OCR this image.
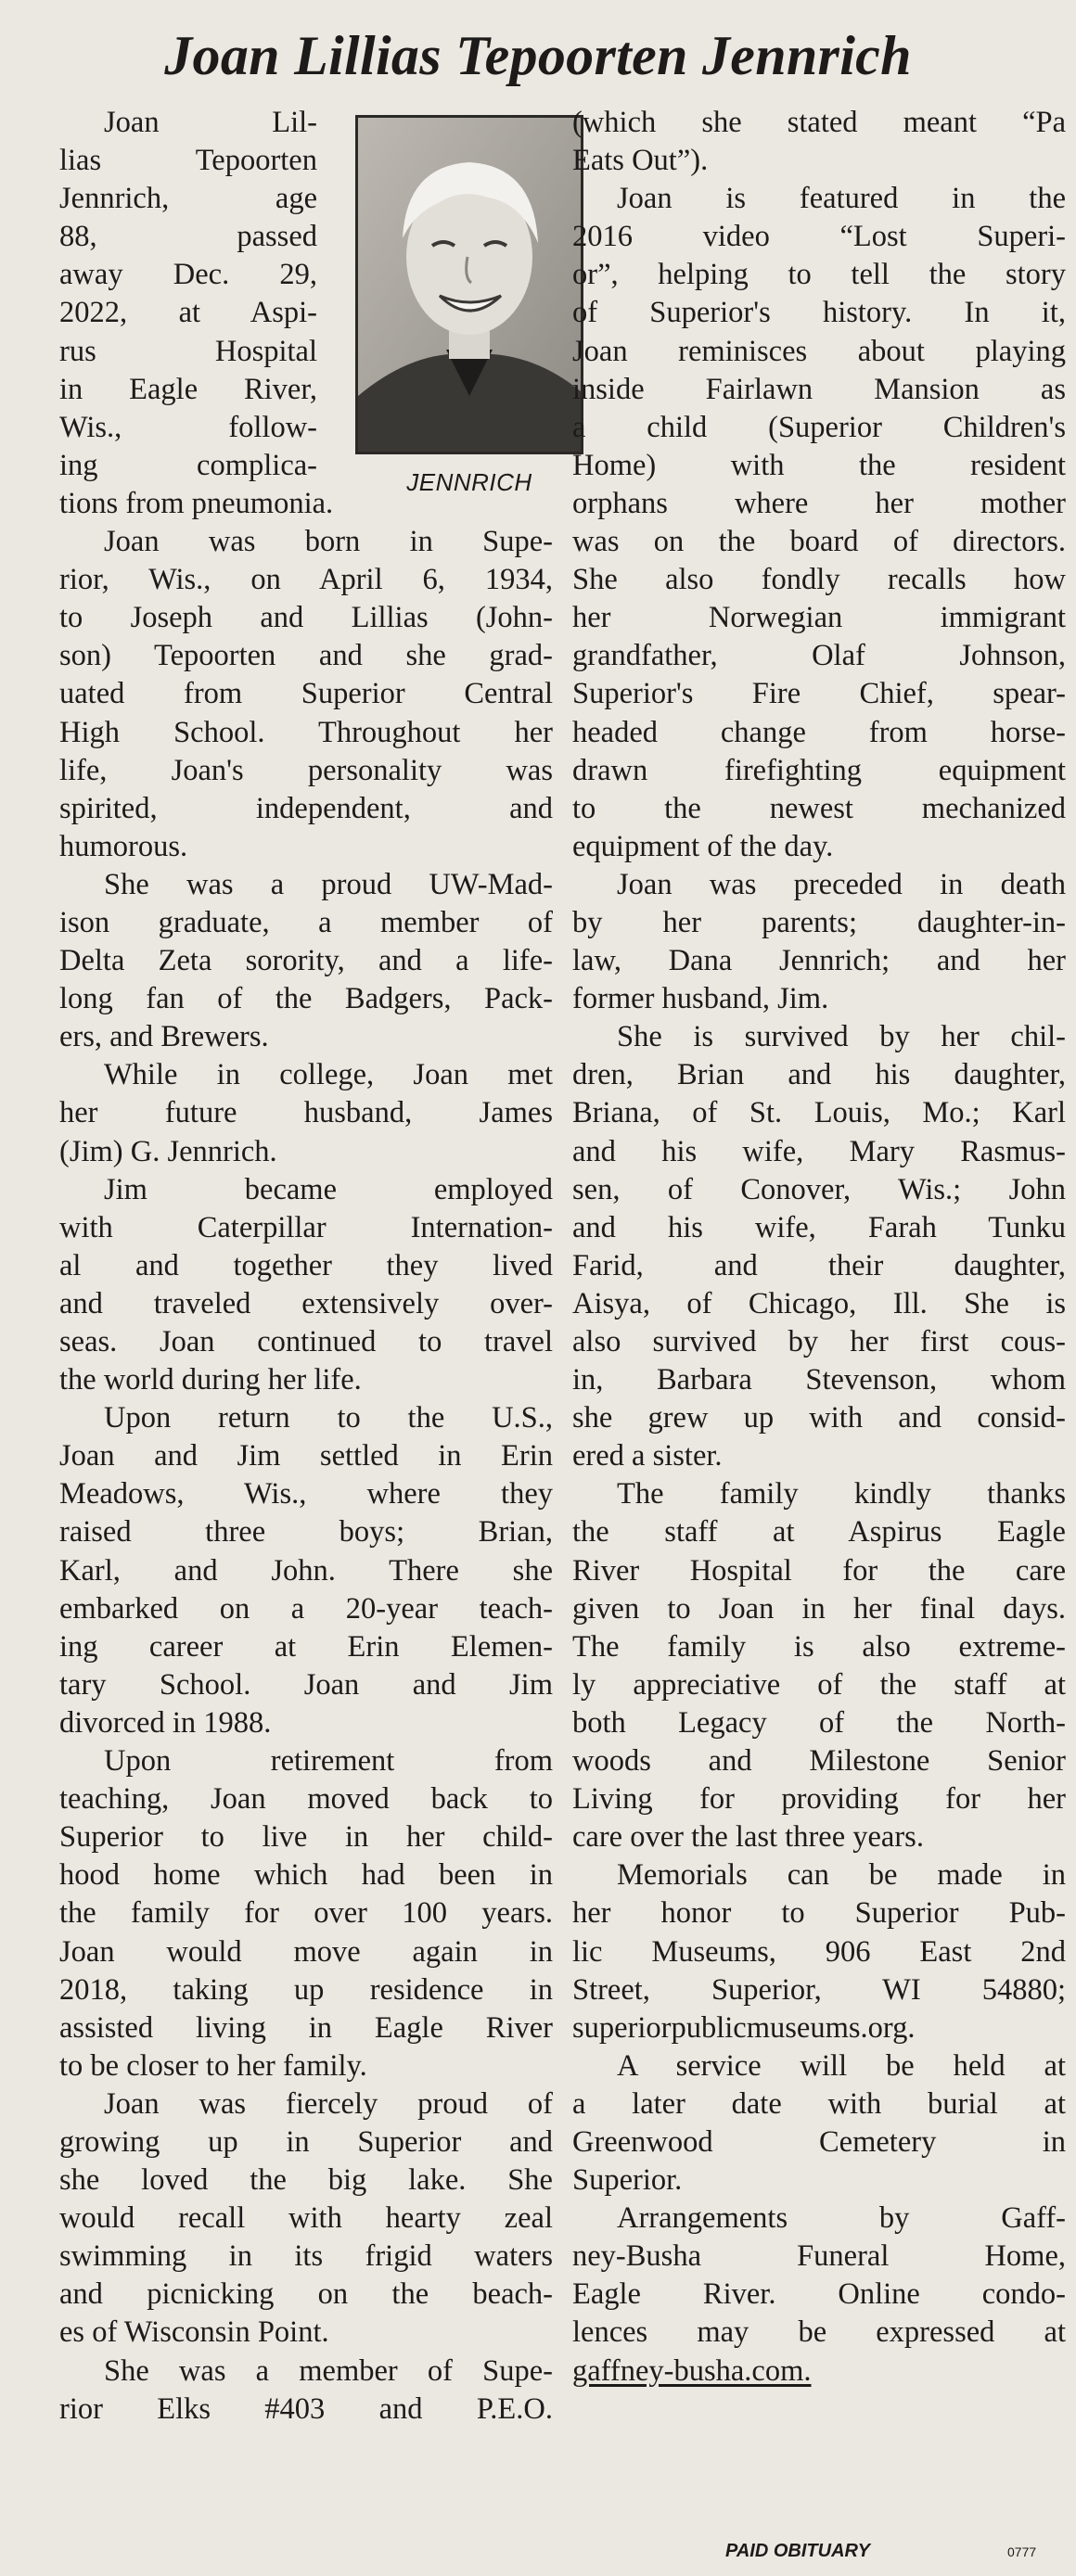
Joan Lillias Tepoorten Jennrich
JENNRICH
Joan Lil-
lias Tepoorten
Jennrich, age
88, passed
away Dec. 29,
2022, at Aspi-
rus Hospital
in Eagle River,
Wis., follow-
ing complica-
tions from pneumonia.
Joan was born in Supe-
rior, Wis., on April 6, 1934,
to Joseph and Lillias (John-
son) Tepoorten and she grad-
uated from Superior Central
High School. Throughout her
life, Joan's personality was
spirited, independent, and
humorous.
She was a proud UW-Mad-
ison graduate, a member of
Delta Zeta sorority, and a life-
long fan of the Badgers, Pack-
ers, and Brewers.
While in college, Joan met
her future husband, James
(Jim) G. Jennrich.
Jim became employed
with Caterpillar Internation-
al and together they lived
and traveled extensively over-
seas. Joan continued to travel
the world during her life.
Upon return to the U.S.,
Joan and Jim settled in Erin
Meadows, Wis., where they
raised three boys; Brian,
Karl, and John. There she
embarked on a 20-year teach-
ing career at Erin Elemen-
tary School. Joan and Jim
divorced in 1988.
Upon retirement from
teaching, Joan moved back to
Superior to live in her child-
hood home which had been in
the family for over 100 years.
Joan would move again in
2018, taking up residence in
assisted living in Eagle River
to be closer to her family.
Joan was fiercely proud of
growing up in Superior and
she loved the big lake. She
would recall with hearty zeal
swimming in its frigid waters
and picnicking on the beach-
es of Wisconsin Point.
She was a member of Supe-
rior Elks #403 and P.E.O.
(which she stated meant “Pa
Eats Out”).
Joan is featured in the
2016 video “Lost Superi-
or”, helping to tell the story
of Superior's history. In it,
Joan reminisces about playing
inside Fairlawn Mansion as
a child (Superior Children's
Home) with the resident
orphans where her mother
was on the board of directors.
She also fondly recalls how
her Norwegian immigrant
grandfather, Olaf Johnson,
Superior's Fire Chief, spear-
headed change from horse-
drawn firefighting equipment
to the newest mechanized
equipment of the day.
Joan was preceded in death
by her parents; daughter-in-
law, Dana Jennrich; and her
former husband, Jim.
She is survived by her chil-
dren, Brian and his daughter,
Briana, of St. Louis, Mo.; Karl
and his wife, Mary Rasmus-
sen, of Conover, Wis.; John
and his wife, Farah Tunku
Farid, and their daughter,
Aisya, of Chicago, Ill. She is
also survived by her first cous-
in, Barbara Stevenson, whom
she grew up with and consid-
ered a sister.
The family kindly thanks
the staff at Aspirus Eagle
River Hospital for the care
given to Joan in her final days.
The family is also extreme-
ly appreciative of the staff at
both Legacy of the North-
woods and Milestone Senior
Living for providing for her
care over the last three years.
Memorials can be made in
her honor to Superior Pub-
lic Museums, 906 East 2nd
Street, Superior, WI 54880;
superiorpublicmuseums.org.
A service will be held at
a later date with burial at
Greenwood Cemetery in
Superior.
Arrangements by Gaff-
ney-Busha Funeral Home,
Eagle River. Online condo-
lences may be expressed at
gaffney-busha.com.
PAID OBITUARY	0777
